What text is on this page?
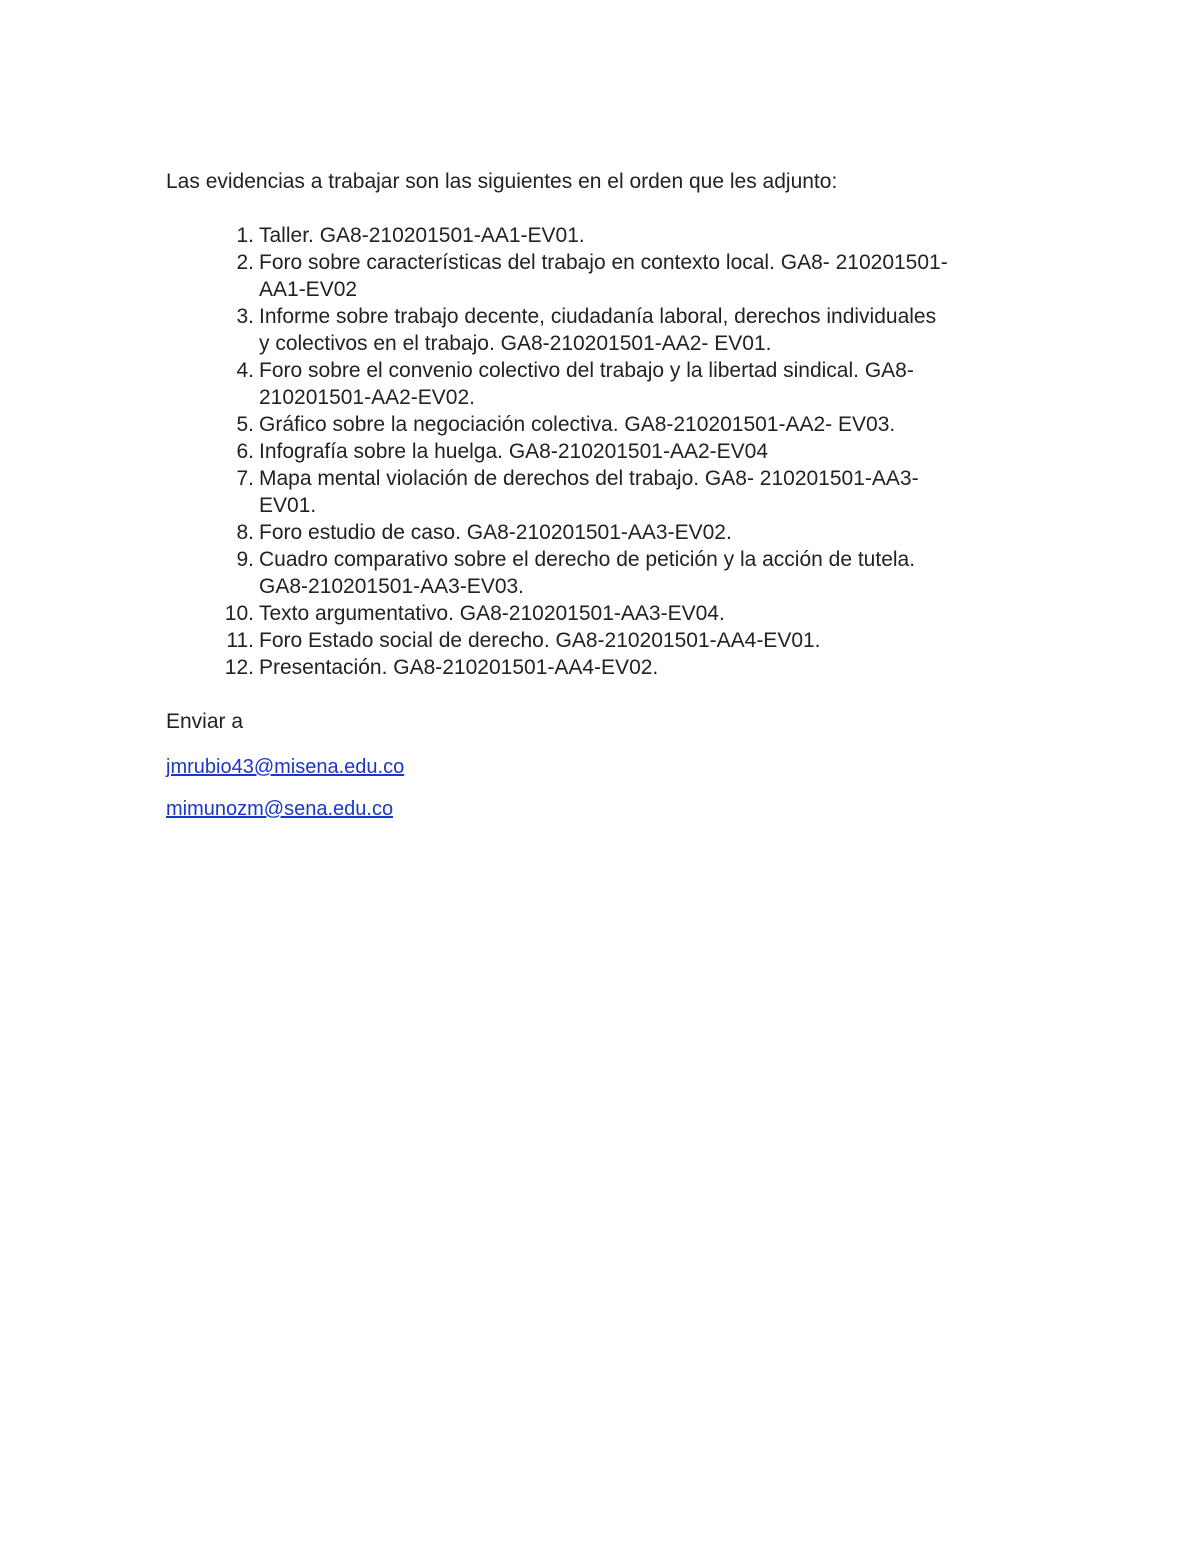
Las evidencias a trabajar son las siguientes en el orden que les adjunto:

1. Taller. GA8-210201501-AA1-EV01.
2. Foro sobre características del trabajo en contexto local. GA8- 210201501-
AA1-EV02
3. Informe sobre trabajo decente, ciudadanía laboral, derechos individuales
y colectivos en el trabajo. GA8-210201501-AA2- EV01.
4. Foro sobre el convenio colectivo del trabajo y la libertad sindical. GA8-
210201501-AA2-EV02.
5. Gráfico sobre la negociación colectiva. GA8-210201501-AA2- EV03.
6. Infografía sobre la huelga. GA8-210201501-AA2-EV04
7. Mapa mental violación de derechos del trabajo. GA8- 210201501-AA3-
EV01.
8. Foro estudio de caso. GA8-210201501-AA3-EV02.
9. Cuadro comparativo sobre el derecho de petición y la acción de tutela.
GA8-210201501-AA3-EV03.
10. Texto argumentativo. GA8-210201501-AA3-EV04.
11. Foro Estado social de derecho. GA8-210201501-AA4-EV01.
12. Presentación. GA8-210201501-AA4-EV02.

Enviar a

jmrubio43@misena.edu.co
mimunozm@sena.edu.co
